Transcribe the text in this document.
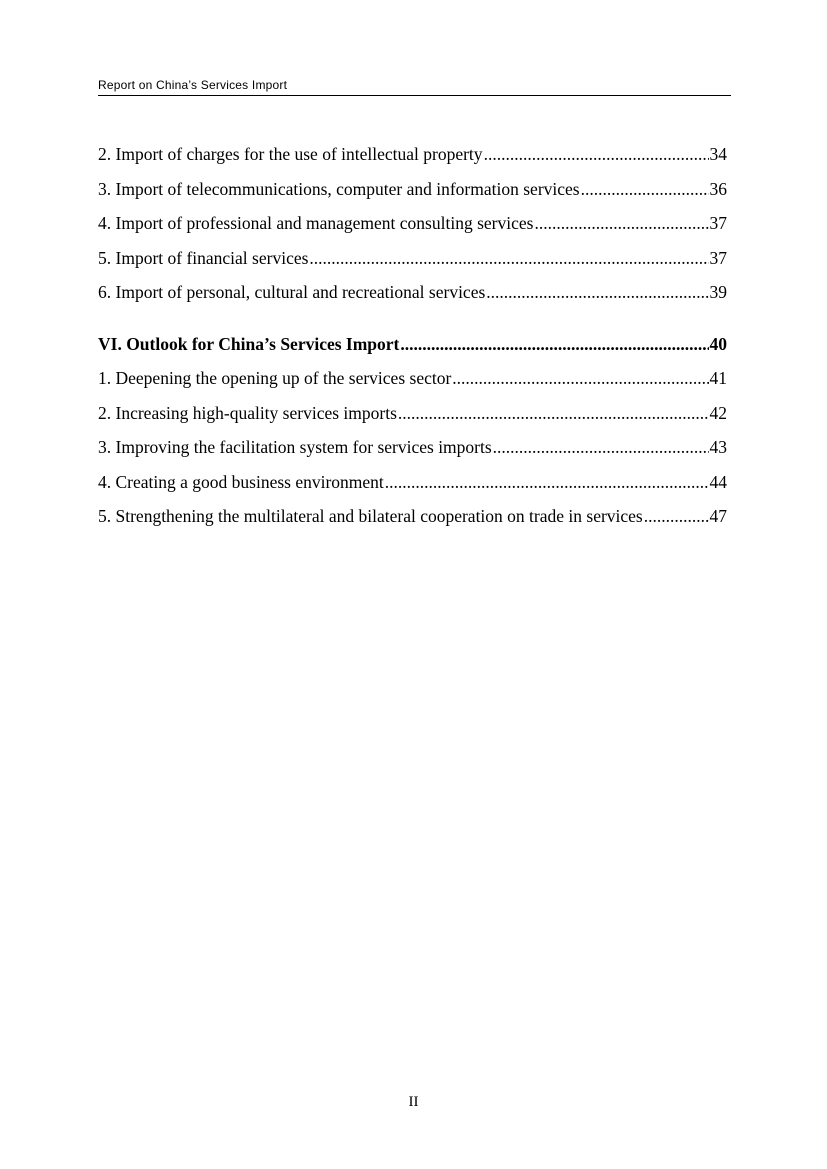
Report on China’s Services Import
2. Import of charges for the use of intellectual property .....	34
3. Import of telecommunications, computer and information services .....	36
4. Import of professional and management consulting services .....	37
5. Import of financial services .....	37
6. Import of personal, cultural and recreational services .....	39
VI. Outlook for China’s Services Import .....	40
1. Deepening the opening up of the services sector .....	41
2. Increasing high-quality services imports .....	42
3. Improving the facilitation system for services imports .....	43
4. Creating a good business environment .....	44
5. Strengthening the multilateral and bilateral cooperation on trade in services .....	47
II
